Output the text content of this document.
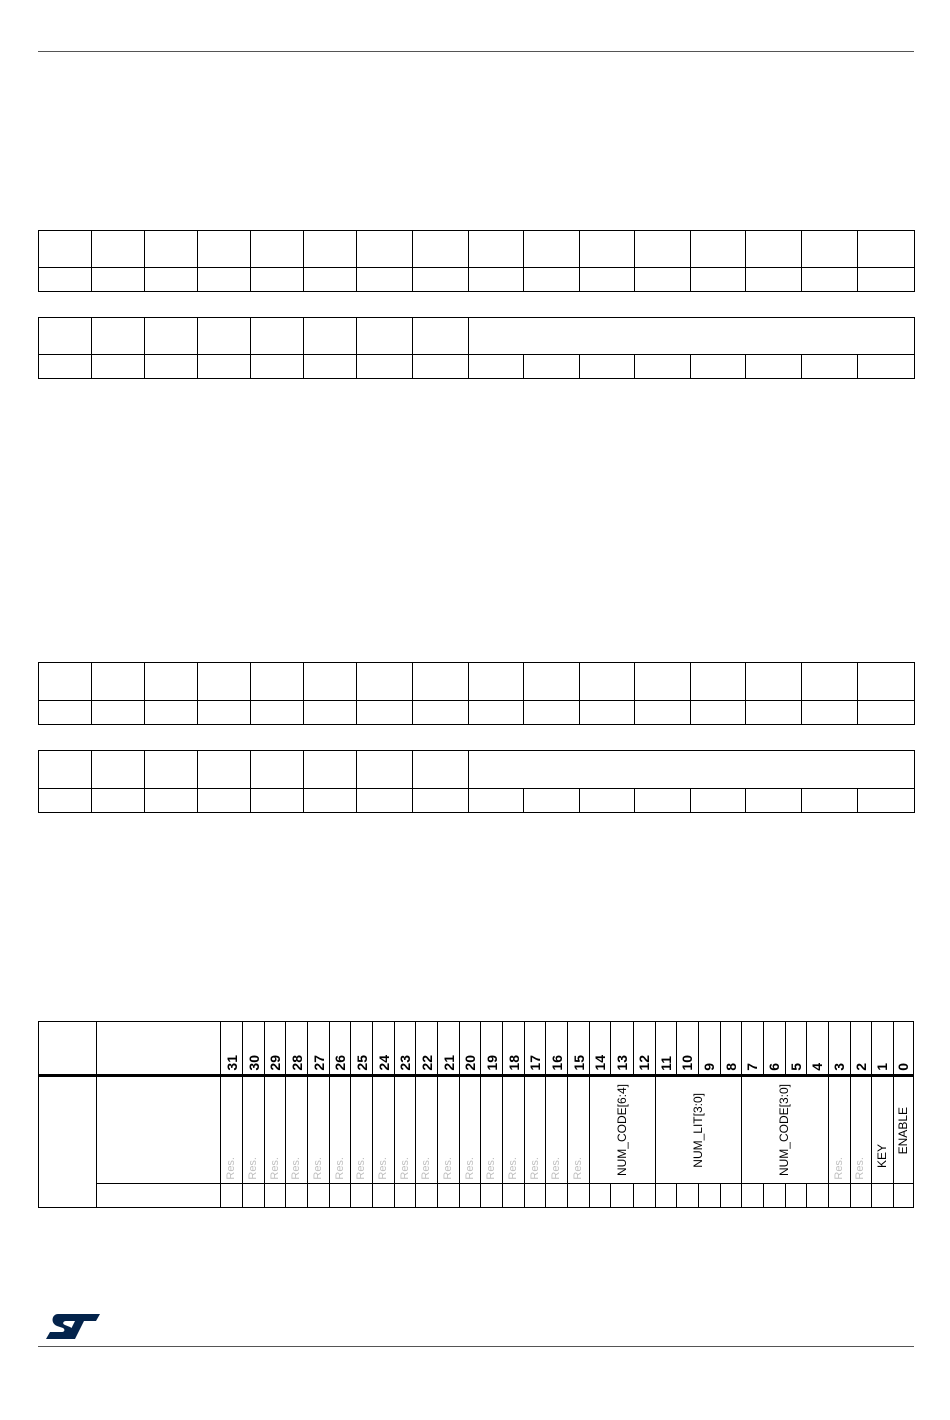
		31	30	29	28	27	26	25	24	23	22	21	20	19	18	17	16	15	14	13	12	11	10	9	8	7	6	5	4	3	2	1	0
		Res.	Res.	Res.	Res.	Res.	Res.	Res.	Res.	Res.	Res.	Res.	Res.	Res.	Res.	Res.	Res.	Res.	NUM_CODE[6:4]			NUM_LIT[3:0]				NUM_CODE[3:0]				Res.	Res.	KEY	ENABLE
